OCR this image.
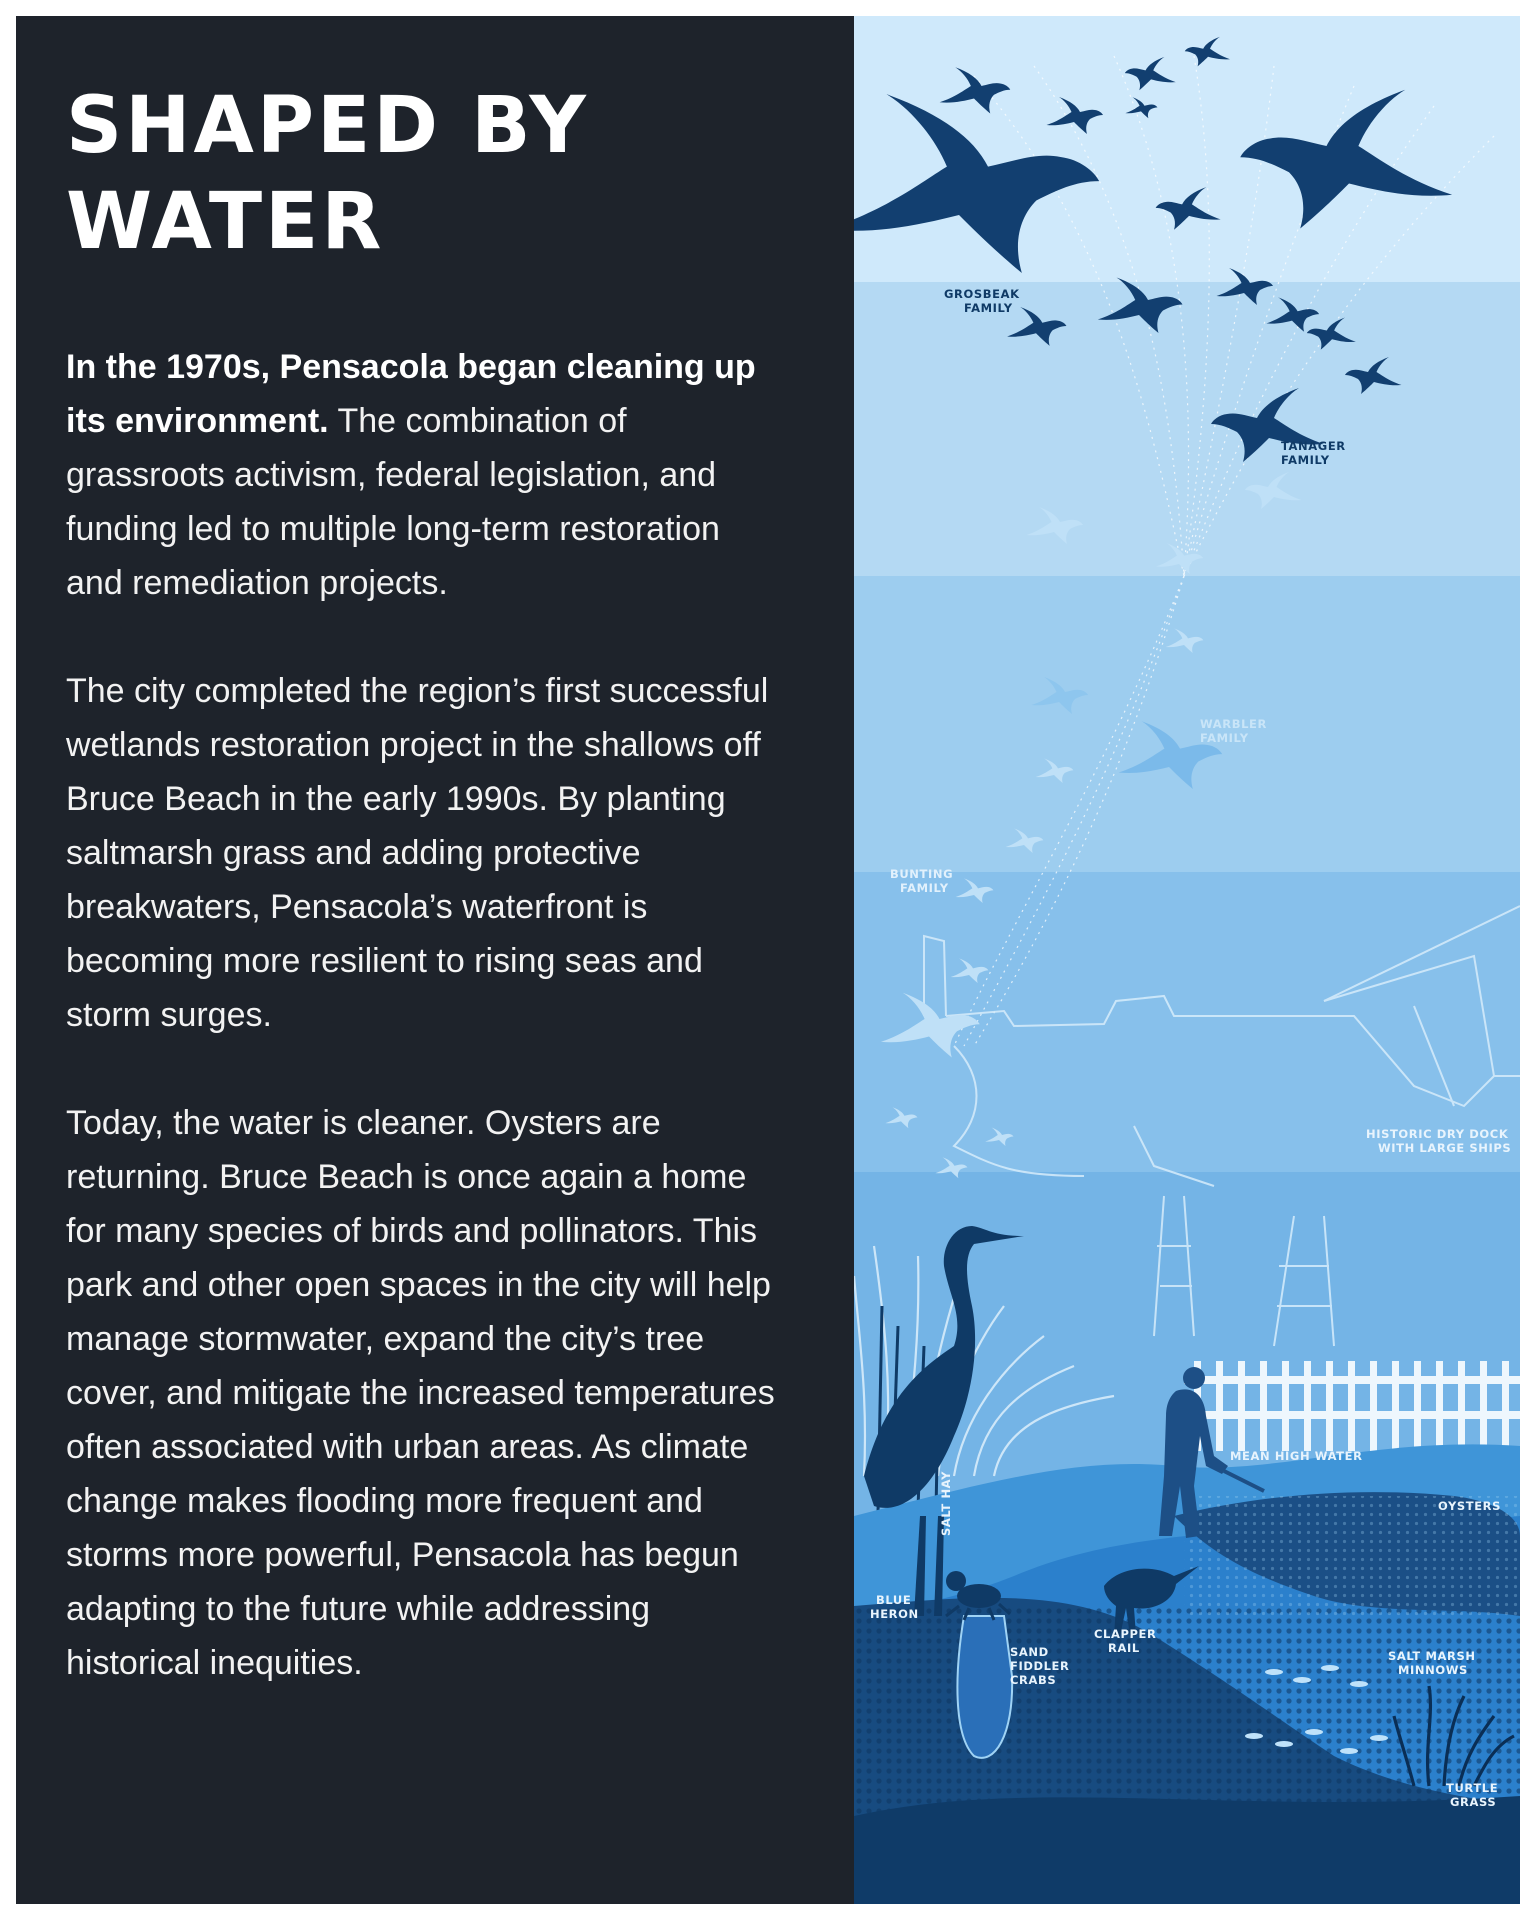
SHAPED BY
WATER

In the 1970s, Pensacola began cleaning up its environment. The combination of grassroots activism, federal legislation, and funding led to multiple long-term restoration and remediation projects.

The city completed the region’s first successful wetlands restoration project in the shallows off Bruce Beach in the early 1990s. By planting saltmarsh grass and adding protective breakwaters, Pensacola’s waterfront is becoming more resilient to rising seas and storm surges.

Today, the water is cleaner. Oysters are returning. Bruce Beach is once again a home for many species of birds and pollinators. This park and other open spaces in the city will help manage stormwater, expand the city’s tree cover, and mitigate the increased temperatures often associated with urban areas. As climate change makes flooding more frequent and storms more powerful, Pensacola has begun adapting to the future while addressing historical inequities.

GROSBEAK
FAMILY
TANAGER
FAMILY
WARBLER
FAMILY
BUNTING
FAMILY
HISTORIC DRY DOCK
WITH LARGE SHIPS
MEAN HIGH WATER
OYSTERS
SALT HAY
BLUE
HERON
CLAPPER
RAIL
SAND
FIDDLER
CRABS
SALT MARSH
MINNOWS
TURTLE
GRASS
